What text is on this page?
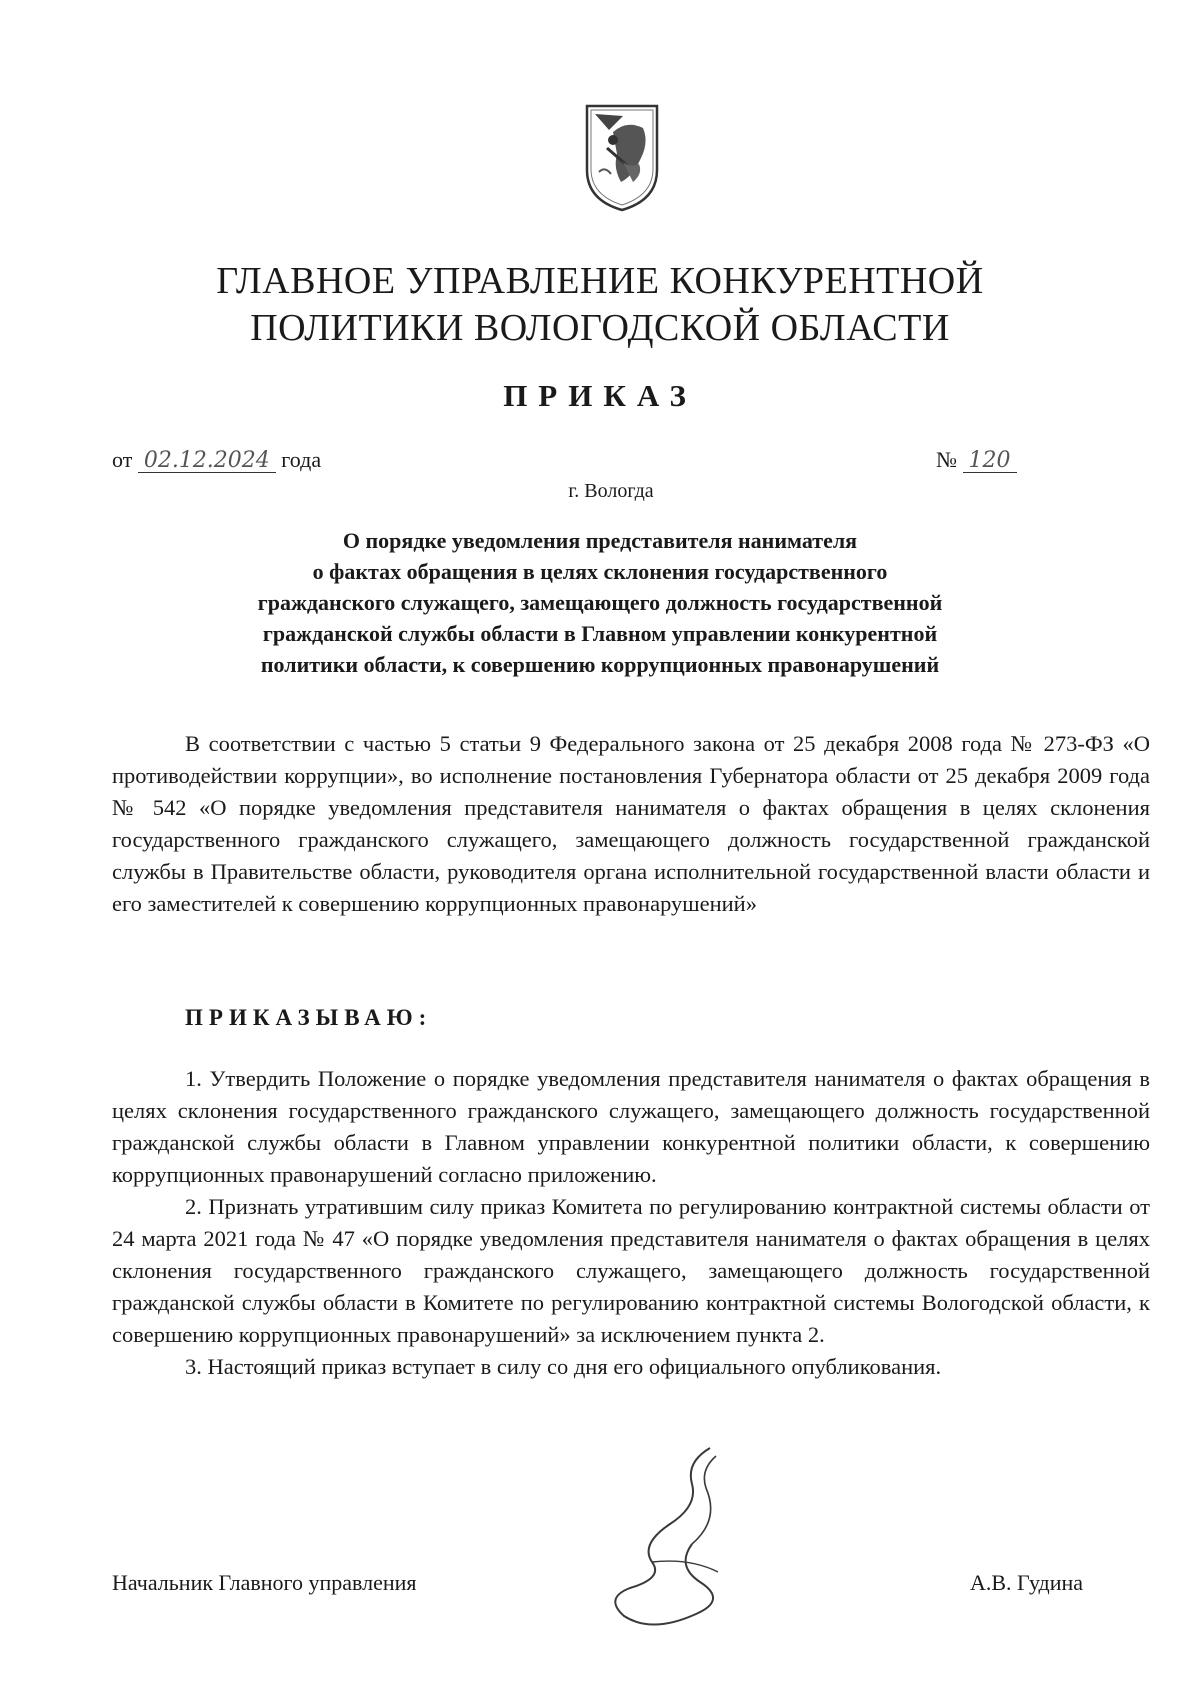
ГЛАВНОЕ УПРАВЛЕНИЕ КОНКУРЕНТНОЙ
ПОЛИТИКИ ВОЛОГОДСКОЙ ОБЛАСТИ
ПРИКАЗ
от 02.12.2024 года	№ 120
г. Вологда
О порядке уведомления представителя нанимателя
о фактах обращения в целях склонения государственного
гражданского служащего, замещающего должность государственной
гражданской службы области в Главном управлении конкурентной
политики области, к совершению коррупционных правонарушений

В соответствии с частью 5 статьи 9 Федерального закона от 25 декабря 2008 года № 273-ФЗ «О противодействии коррупции», во исполнение постановления Губернатора области от 25 декабря 2009 года № 542 «О порядке уведомления представителя нанимателя о фактах обращения в целях склонения государственного гражданского служащего, замещающего должность государственной гражданской службы в Правительстве области, руководителя органа исполнительной государственной власти области и его заместителей к совершению коррупционных правонарушений»

ПРИКАЗЫВАЮ:

1. Утвердить Положение о порядке уведомления представителя нанимателя о фактах обращения в целях склонения государственного гражданского служащего, замещающего должность государственной гражданской службы области в Главном управлении конкурентной политики области, к совершению коррупционных правонарушений согласно приложению.

2. Признать утратившим силу приказ Комитета по регулированию контрактной системы области от 24 марта 2021 года № 47 «О порядке уведомления представителя нанимателя о фактах обращения в целях склонения государственного гражданского служащего, замещающего должность государственной гражданской службы области в Комитете по регулированию контрактной системы Вологодской области, к совершению коррупционных правонарушений» за исключением пункта 2.

3. Настоящий приказ вступает в силу со дня его официального опубликования.

Начальник Главного управления	А.В. Гудина
